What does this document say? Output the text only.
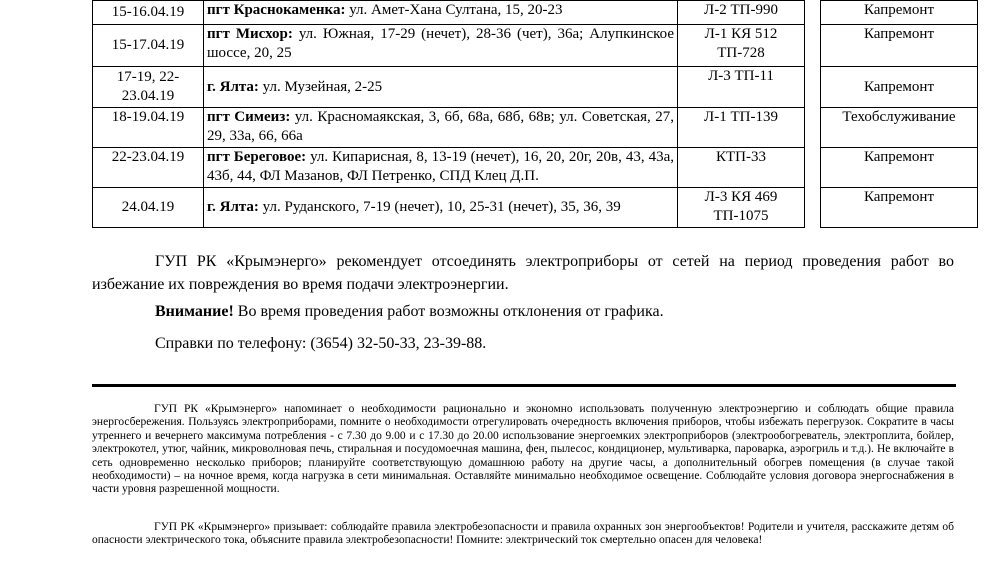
15-16.04.19	пгт Краснокаменка: ул. Амет-Хана Султана, 15, 20-23	Л-2 ТП-990		Капремонт
15-17.04.19	пгт Мисхор: ул. Южная, 17-29 (нечет), 28-36 (чет), 36а; Алупкинское шоссе, 20, 25	Л-1 КЯ 512 ТП-728		Капремонт
17-19, 22-23.04.19	г. Ялта: ул. Музейная, 2-25	Л-3 ТП-11		Капремонт
18-19.04.19	пгт Симеиз: ул. Красномаякская, 3, 6б, 68а, 68б, 68в; ул. Советская, 27, 29, 33а, 66, 66а	Л-1 ТП-139		Техобслуживание
22-23.04.19	пгт Береговое: ул. Кипарисная, 8, 13-19 (нечет), 16, 20, 20г, 20в, 43, 43а, 43б, 44, ФЛ Мазанов, ФЛ Петренко, СПД Клец Д.П.	КТП-33		Капремонт
24.04.19	г. Ялта: ул. Руданского, 7-19 (нечет), 10, 25-31 (нечет), 35, 36, 39	Л-3 КЯ 469 ТП-1075		Капремонт

ГУП РК «Крымэнерго» рекомендует отсоединять электроприборы от сетей на период проведения работ во избежание их повреждения во время подачи электроэнергии.

Внимание! Во время проведения работ возможны отклонения от графика.

Справки по телефону: (3654) 32-50-33, 23-39-88.

ГУП РК «Крымэнерго» напоминает о необходимости рационально и экономно использовать полученную электроэнергию и соблюдать общие правила энергосбережения. Пользуясь электроприборами, помните о необходимости отрегулировать очередность включения приборов, чтобы избежать перегрузок. Сократите в часы утреннего и вечернего максимума потребления - с 7.30 до 9.00 и с 17.30 до 20.00 использование энергоемких электроприборов (электрообогреватель, электроплита, бойлер, электрокотел, утюг, чайник, микроволновая печь, стиральная и посудомоечная машина, фен, пылесос, кондиционер, мультиварка, пароварка, аэрогриль и т.д.). Не включайте в сеть одновременно несколько приборов; планируйте соответствующую домашнюю работу на другие часы, а дополнительный обогрев помещения (в случае такой необходимости) – на ночное время, когда нагрузка в сети минимальная. Оставляйте минимально необходимое освещение. Соблюдайте условия договора энергоснабжения в части уровня разрешенной мощности.

ГУП РК «Крымэнерго» призывает: соблюдайте правила электробезопасности и правила охранных зон энергообъектов! Родители и учителя, расскажите детям об опасности электрического тока, объясните правила электробезопасности! Помните: электрический ток смертельно опасен для человека!
